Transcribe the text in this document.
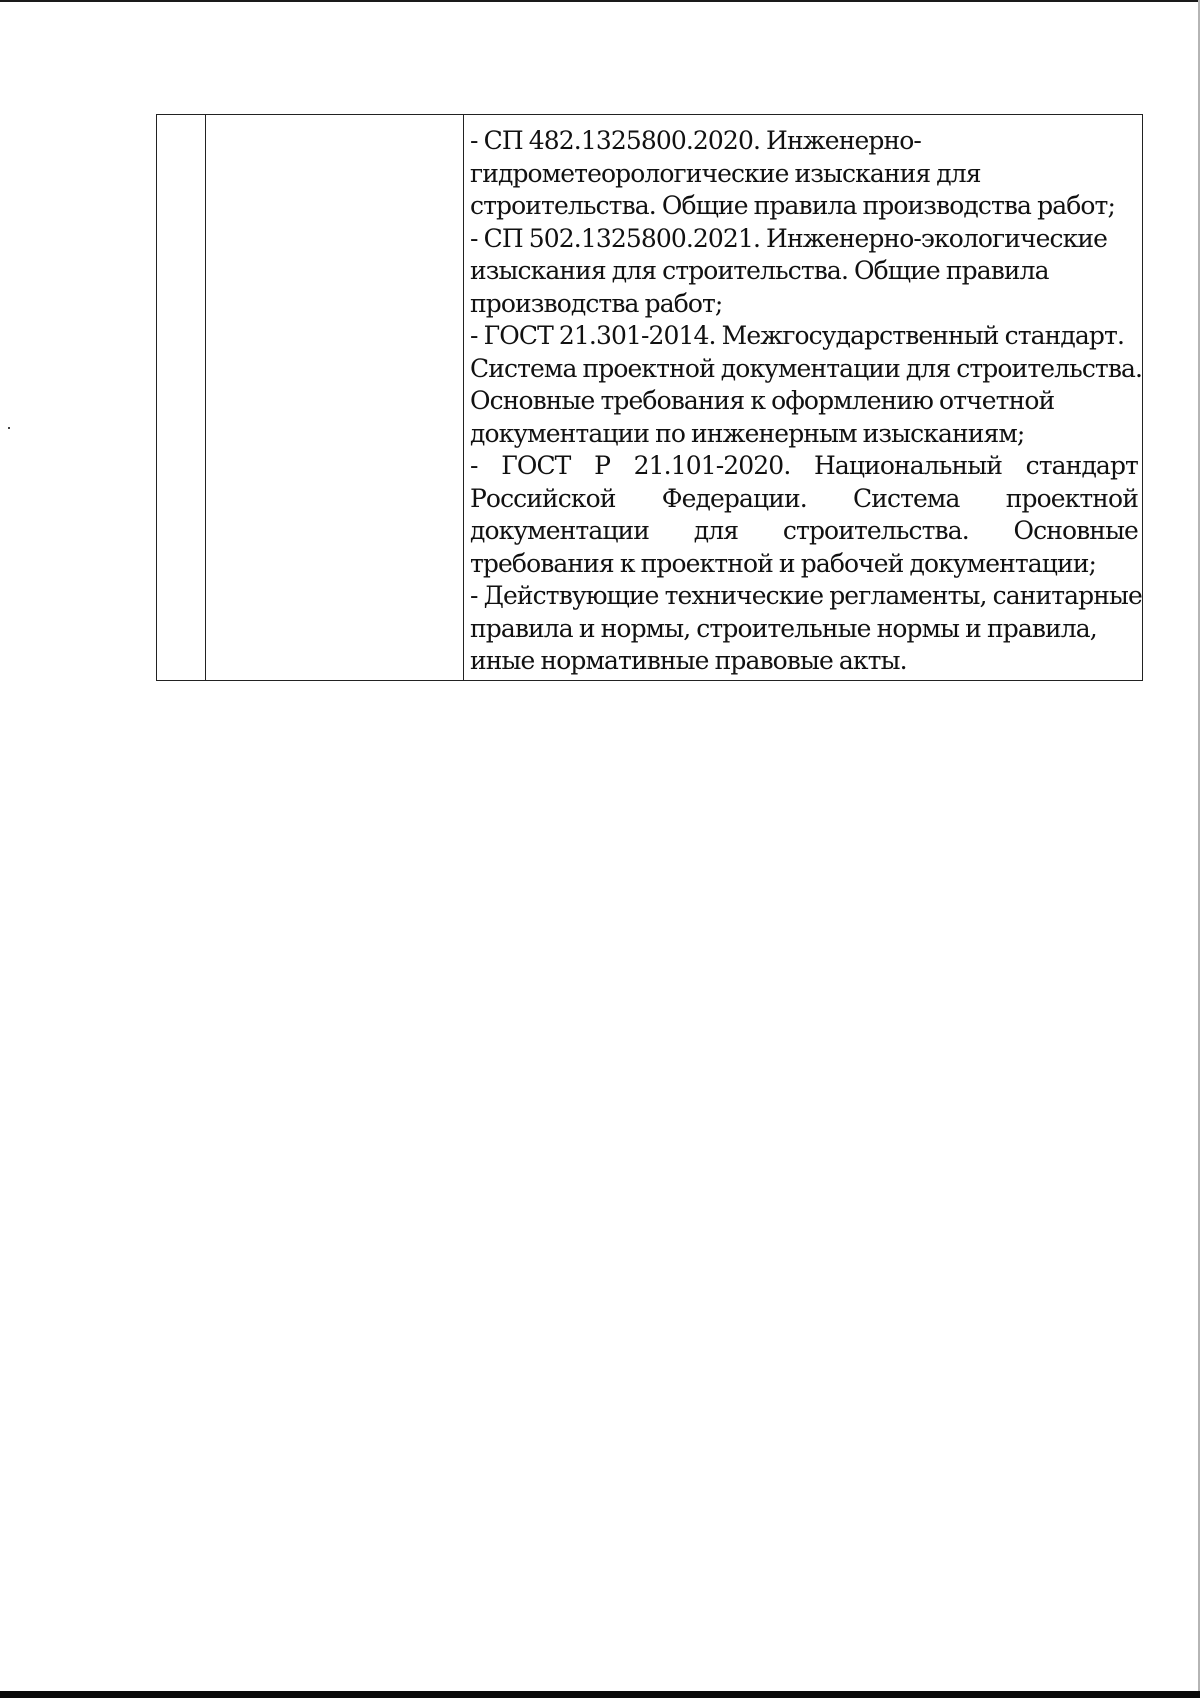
- СП 482.1325800.2020. Инженерно-
гидрометеорологические изыскания для
строительства. Общие правила производства работ;
- СП 502.1325800.2021. Инженерно-экологические
изыскания для строительства. Общие правила
производства работ;
- ГОСТ 21.301-2014. Межгосударственный стандарт.
Система проектной документации для строительства.
Основные требования к оформлению отчетной
документации по инженерным изысканиям;
- ГОСТ Р 21.101-2020. Национальный стандарт
Российской Федерации. Система проектной
документации для строительства. Основные
требования к проектной и рабочей документации;
- Действующие технические регламенты, санитарные
правила и нормы, строительные нормы и правила,
иные нормативные правовые акты.
